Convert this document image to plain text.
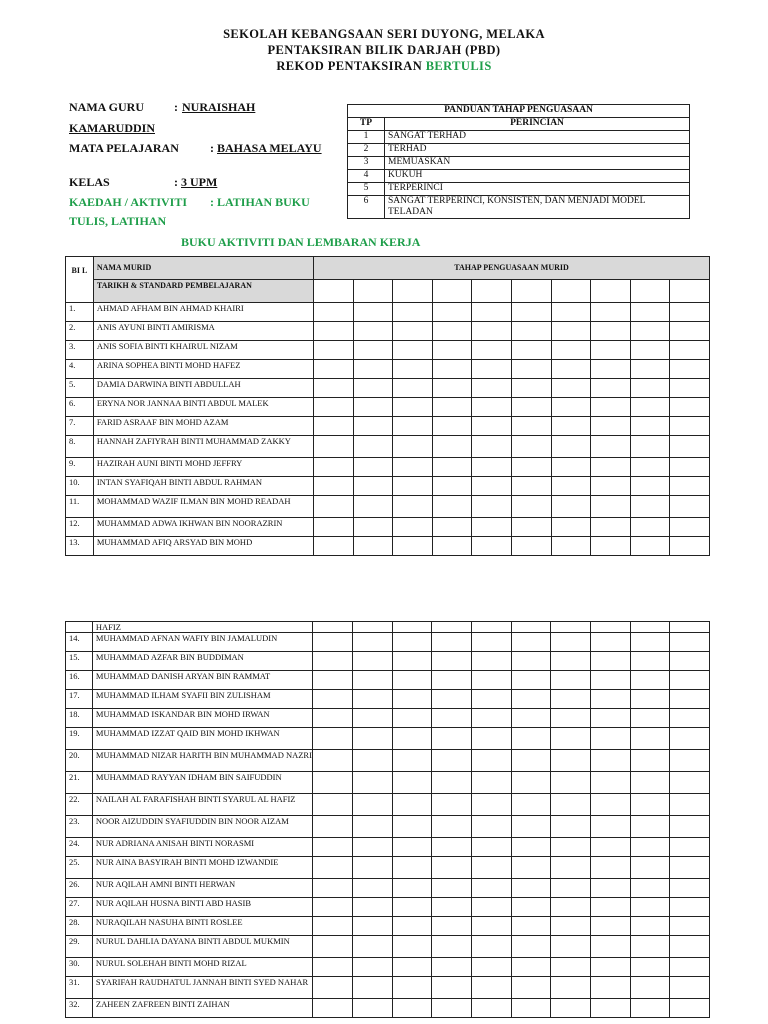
SEKOLAH KEBANGSAAN SERI DUYONG, MELAKA
PENTAKSIRAN BILIK DARJAH (PBD)
REKOD PENTAKSIRAN BERTULIS
NAMA GURU	: NURAISHAH
KAMARUDDIN
MATA PELAJARAN	: BAHASA MELAYU
KELAS	: 3 UPM
KAEDAH / AKTIVITI : LATIHAN BUKU
TULIS, LATIHAN
BUKU AKTIVITI DAN LEMBARAN KERJA
PANDUAN TAHAP PENGUASAAN	
TP	PERINCIAN
1	SANGAT TERHAD
2	TERHAD
3	MEMUASKAN
4	KUKUH
5	TERPERINCI
6	SANGAT TERPERINCI, KONSISTEN, DAN MENJADI MODEL TELADAN
BI L	NAMA MURID	TAHAP PENGUASAAN MURID									
	TARIKH & STANDARD PEMBELAJARAN										
1.	AHMAD AFHAM BIN AHMAD KHAIRI										
2.	ANIS AYUNI BINTI AMIRISMA										
3.	ANIS SOFIA BINTI KHAIRUL NIZAM										
4.	ARINA SOPHEA BINTI MOHD HAFEZ										
5.	DAMIA DARWINA BINTI ABDULLAH										
6.	ERYNA NOR JANNAA BINTI ABDUL MALEK										
7.	FARID ASRAAF BIN MOHD AZAM										
8.	HANNAH ZAFIYRAH BINTI MUHAMMAD ZAKKY										
9.	HAZIRAH AUNI BINTI MOHD JEFFRY										
10.	INTAN SYAFIQAH BINTI ABDUL RAHMAN										
11.	MOHAMMAD WAZIF ILMAN BIN MOHD READAH										
12.	MUHAMMAD ADWA IKHWAN BIN NOORAZRIN										
13.	MUHAMMAD AFIQ ARSYAD BIN MOHD										
	HAFIZ										
14.	MUHAMMAD AFNAN WAFIY BIN JAMALUDIN										
15.	MUHAMMAD AZFAR BIN BUDDIMAN										
16.	MUHAMMAD DANISH ARYAN BIN RAMMAT										
17.	MUHAMMAD ILHAM SYAFII BIN ZULISHAM										
18.	MUHAMMAD ISKANDAR BIN MOHD IRWAN										
19.	MUHAMMAD IZZAT QAID BIN MOHD IKHWAN										
20.	MUHAMMAD NIZAR HARITH BIN MUHAMMAD NAZRI										
21.	MUHAMMAD RAYYAN IDHAM BIN SAIFUDDIN										
22.	NAILAH AL FARAFISHAH BINTI SYARUL AL HAFIZ										
23.	NOOR AIZUDDIN SYAFIUDDIN BIN NOOR AIZAM										
24.	NUR ADRIANA ANISAH BINTI NORASMI										
25.	NUR AINA BASYIRAH BINTI MOHD IZWANDIE										
26.	NUR AQILAH AMNI BINTI HERWAN										
27.	NUR AQILAH HUSNA BINTI ABD HASIB										
28.	NURAQILAH NASUHA BINTI ROSLEE										
29.	NURUL DAHLIA DAYANA BINTI ABDUL MUKMIN										
30.	NURUL SOLEHAH BINTI MOHD RIZAL										
31.	SYARIFAH RAUDHATUL JANNAH BINTI SYED NAHAR										
32.	ZAHEEN ZAFREEN BINTI ZAIHAN										
